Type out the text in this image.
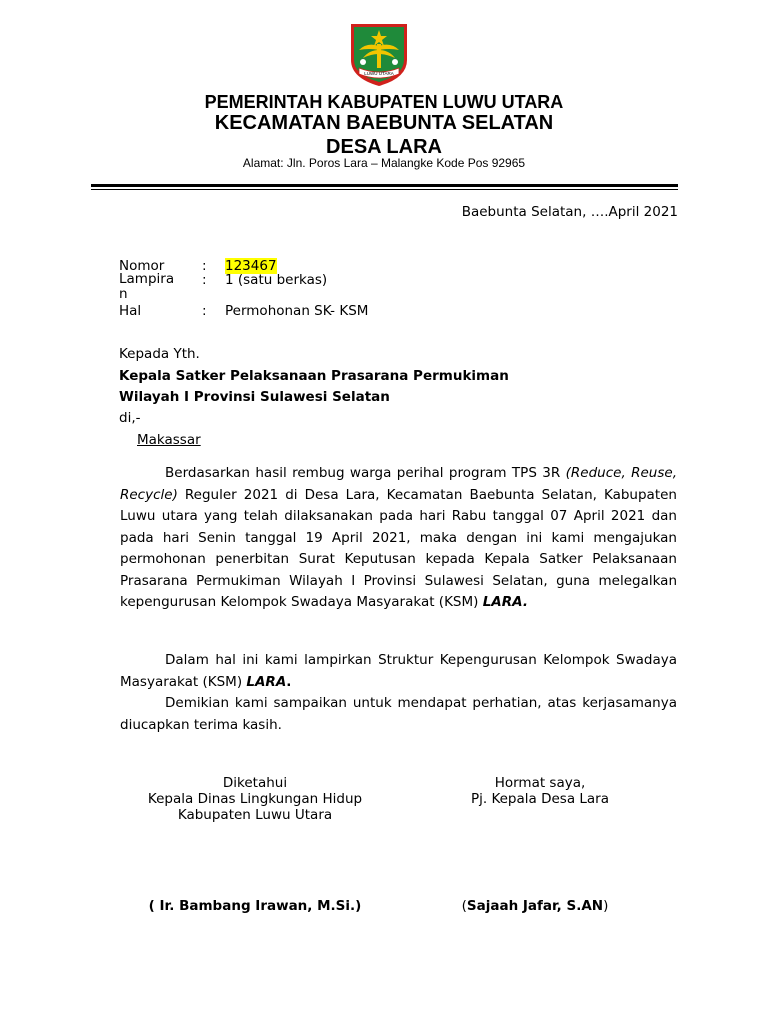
LUWU UTARA
PEMERINTAH KABUPATEN LUWU UTARA
KECAMATAN BAEBUNTA SELATAN
DESA LARA
Alamat: Jln. Poros Lara – Malangke Kode Pos 92965
Baebunta Selatan, ….April 2021
Nomor	: 123467
Lampira
n
: 1 (satu berkas)
Hal	: Permohonan SK- KSM
Kepada Yth.
Kepala Satker Pelaksanaan Prasarana Permukiman
Wilayah I Provinsi Sulawesi Selatan
di,-
Makassar
Berdasarkan hasil rembug warga perihal program TPS 3R (Reduce, Reuse, Recycle) Reguler 2021 di Desa Lara, Kecamatan Baebunta Selatan, Kabupaten Luwu utara yang telah dilaksanakan pada hari Rabu tanggal 07 April 2021 dan pada hari Senin tanggal 19 April 2021, maka dengan ini kami mengajukan permohonan penerbitan Surat Keputusan kepada Kepala Satker Pelaksanaan Prasarana Permukiman Wilayah I Provinsi Sulawesi Selatan, guna melegalkan kepengurusan Kelompok Swadaya Masyarakat (KSM) LARA.
Dalam hal ini kami lampirkan Struktur Kepengurusan Kelompok Swadaya Masyarakat (KSM) LARA.
Demikian kami sampaikan untuk mendapat perhatian, atas kerjasamanya diucapkan terima kasih.
Diketahui
Kepala Dinas Lingkungan Hidup
Kabupaten Luwu Utara
Hormat saya,
Pj. Kepala Desa Lara
( Ir. Bambang Irawan, M.Si.)	(Sajaah Jafar, S.AN)
